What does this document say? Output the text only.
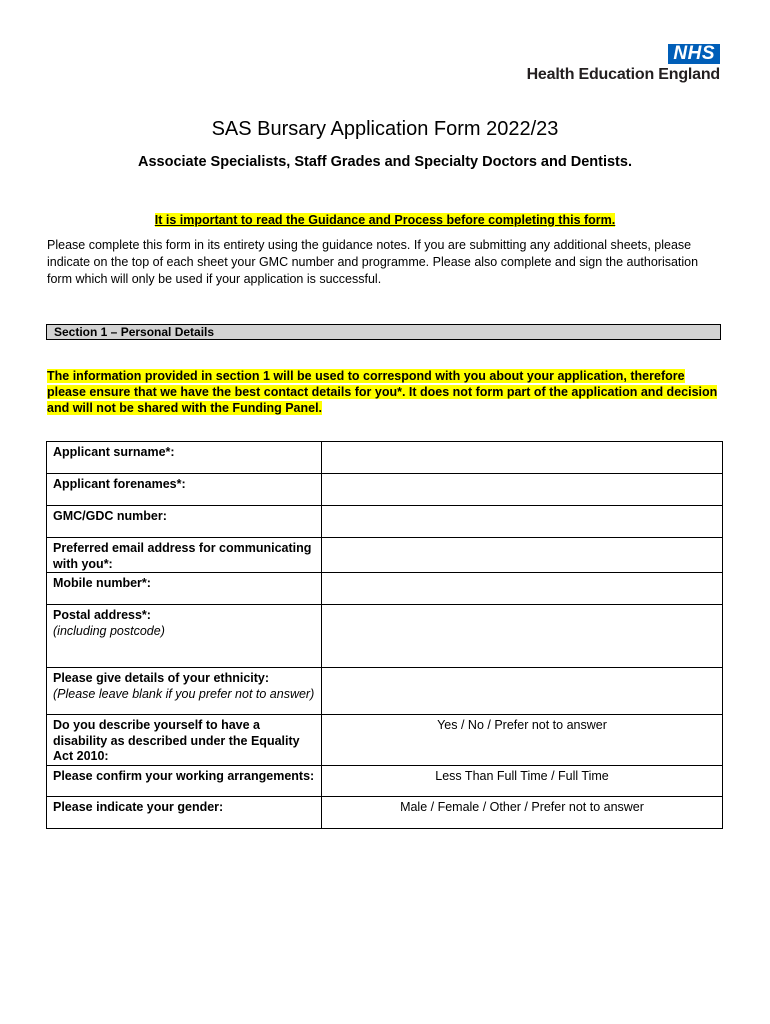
NHS
Health Education England
SAS Bursary Application Form 2022/23
Associate Specialists, Staff Grades and Specialty Doctors and Dentists.
It is important to read the Guidance and Process before completing this form.

Please complete this form in its entirety using the guidance notes. If you are submitting any additional sheets, please indicate on the top of each sheet your GMC number and programme. Please also complete and sign the authorisation form which will only be used if your application is successful.

Section 1 – Personal Details

The information provided in section 1 will be used to correspond with you about your application, therefore please ensure that we have the best contact details for you*. It does not form part of the application and decision and will not be shared with the Funding Panel.

Applicant surname*:	
Applicant forenames*:	
GMC/GDC number:	
Preferred email address for communicating with you*:	
Mobile number*:	
Postal address*:
(including postcode)	

Please give details of your ethnicity:
(Please leave blank if you prefer not to answer)	

Do you describe yourself to have a disability as described under the Equality Act 2010:	Yes / No / Prefer not to answer
Please confirm your working arrangements:	Less Than Full Time / Full Time
Please indicate your gender:	Male / Female / Other / Prefer not to answer
